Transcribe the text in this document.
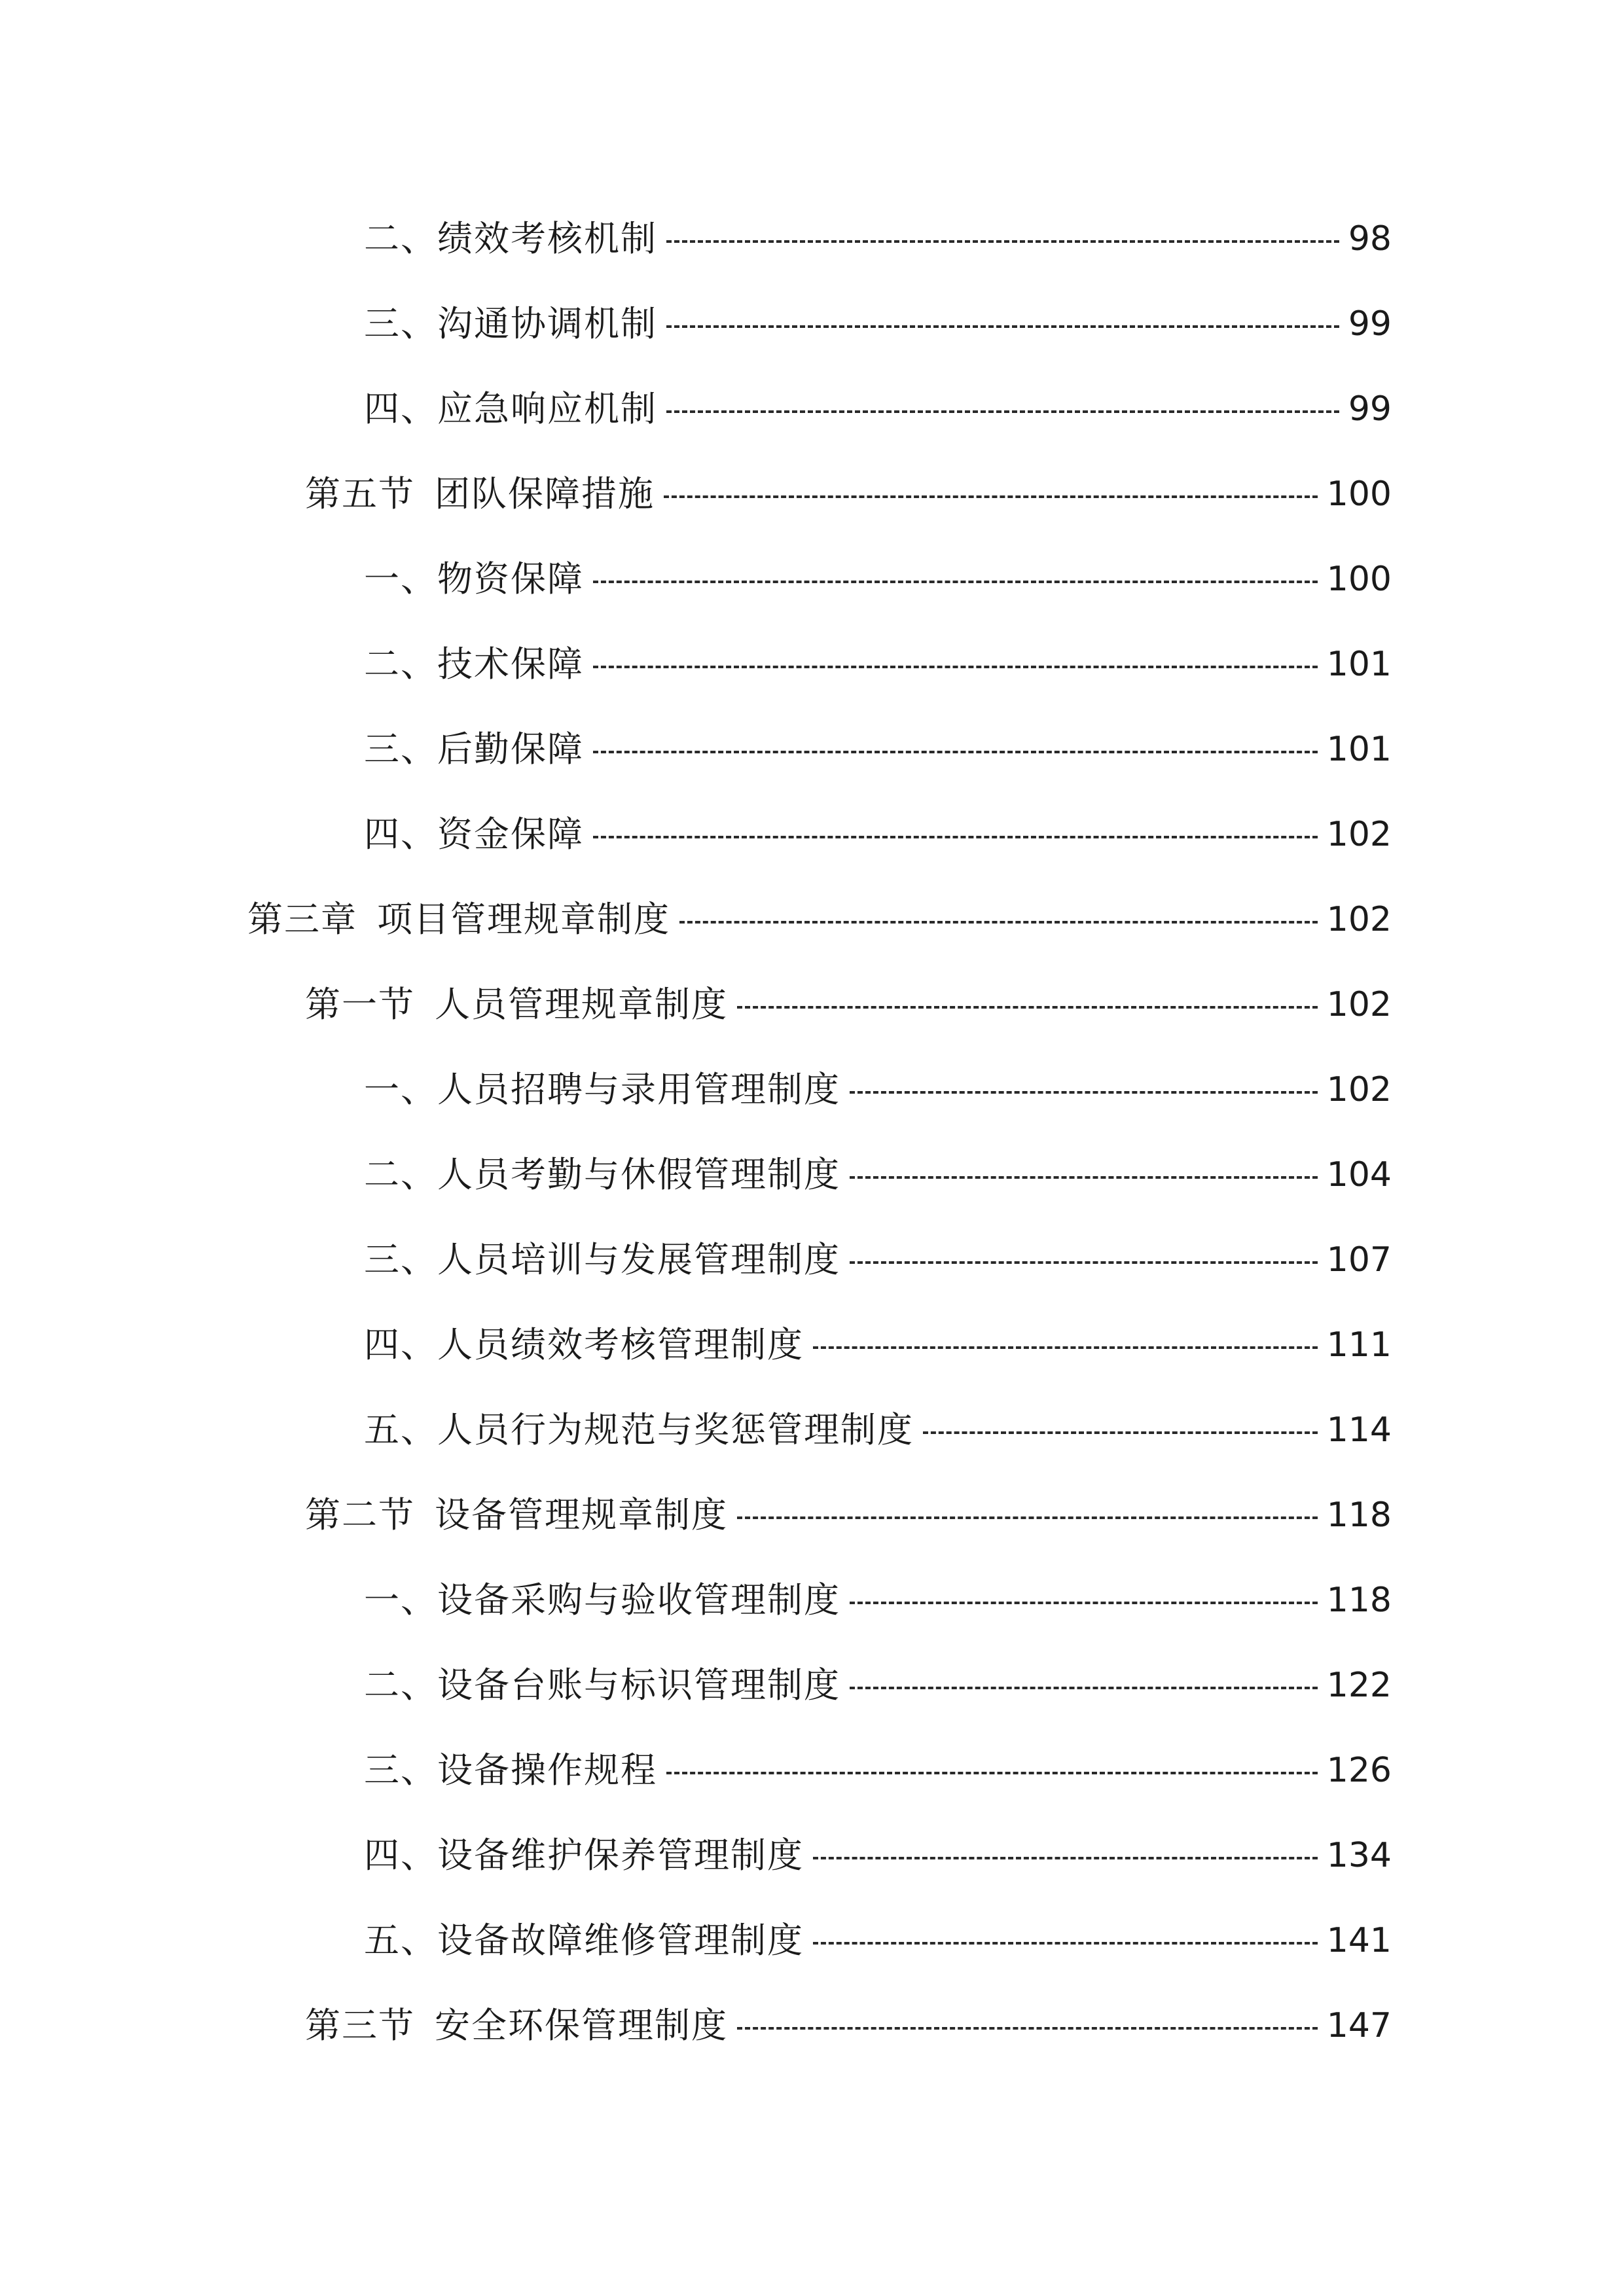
二、绩效考核机制	98
三、沟通协调机制	99
四、应急响应机制	99
第五节 团队保障措施	100
一、物资保障	100
二、技术保障	101
三、后勤保障	101
四、资金保障	102
第三章 项目管理规章制度	102
第一节 人员管理规章制度	102
一、人员招聘与录用管理制度	102
二、人员考勤与休假管理制度	104
三、人员培训与发展管理制度	107
四、人员绩效考核管理制度	111
五、人员行为规范与奖惩管理制度	114
第二节 设备管理规章制度	118
一、设备采购与验收管理制度	118
二、设备台账与标识管理制度	122
三、设备操作规程	126
四、设备维护保养管理制度	134
五、设备故障维修管理制度	141
第三节 安全环保管理制度	147
